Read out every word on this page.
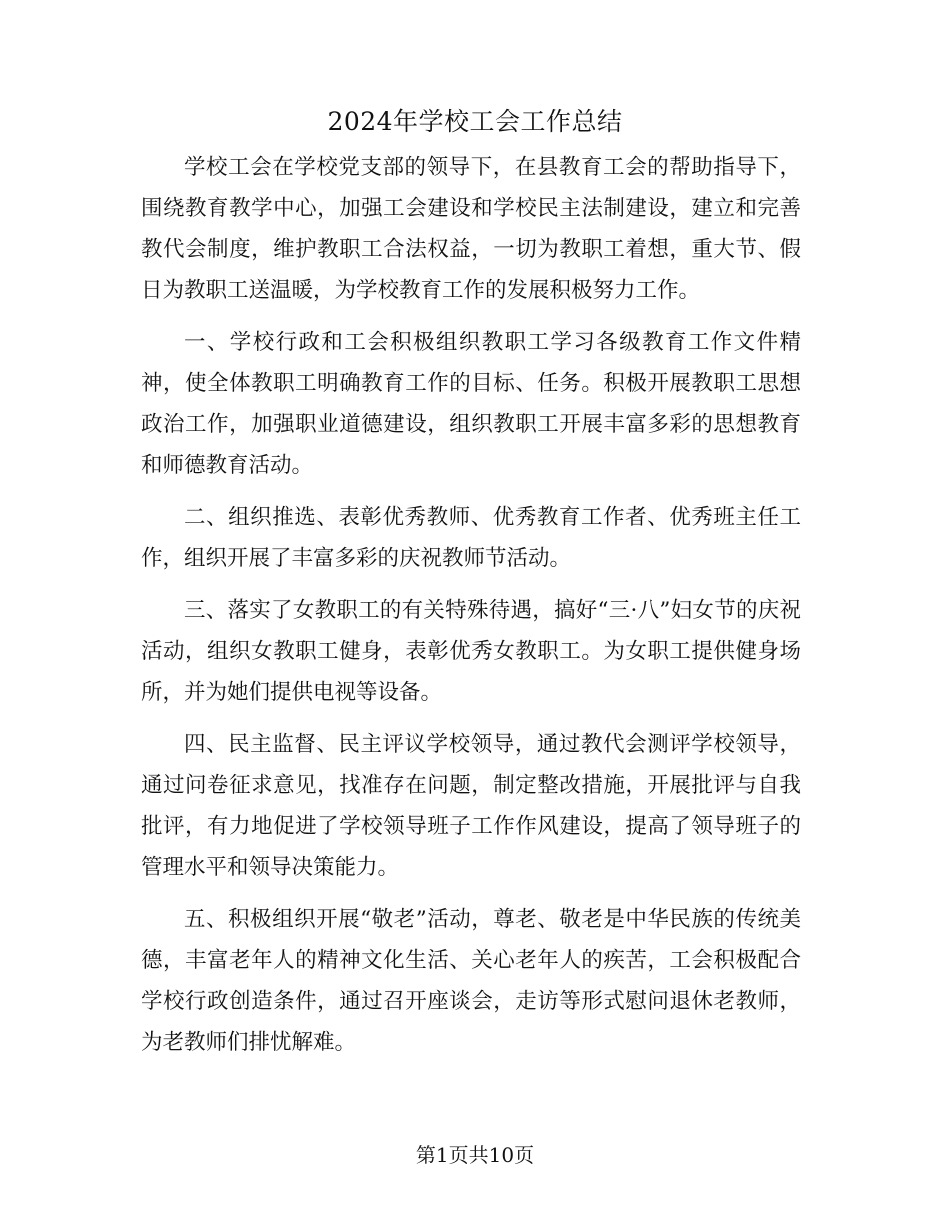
2024年学校工会工作总结

学校工会在学校党支部的领导下，在县教育工会的帮助指导下，围绕教育教学中心，加强工会建设和学校民主法制建设，建立和完善教代会制度，维护教职工合法权益，一切为教职工着想，重大节、假日为教职工送温暖，为学校教育工作的发展积极努力工作。

一、学校行政和工会积极组织教职工学习各级教育工作文件精神，使全体教职工明确教育工作的目标、任务。积极开展教职工思想政治工作，加强职业道德建设，组织教职工开展丰富多彩的思想教育和师德教育活动。

二、组织推选、表彰优秀教师、优秀教育工作者、优秀班主任工作，组织开展了丰富多彩的庆祝教师节活动。

三、落实了女教职工的有关特殊待遇，搞好“三·八”妇女节的庆祝活动，组织女教职工健身，表彰优秀女教职工。为女职工提供健身场所，并为她们提供电视等设备。

四、民主监督、民主评议学校领导，通过教代会测评学校领导，通过问卷征求意见，找准存在问题，制定整改措施，开展批评与自我批评，有力地促进了学校领导班子工作作风建设，提高了领导班子的管理水平和领导决策能力。

五、积极组织开展“敬老”活动，尊老、敬老是中华民族的传统美德，丰富老年人的精神文化生活、关心老年人的疾苦，工会积极配合学校行政创造条件，通过召开座谈会，走访等形式慰问退休老教师，为老教师们排忧解难。

第1页共10页
